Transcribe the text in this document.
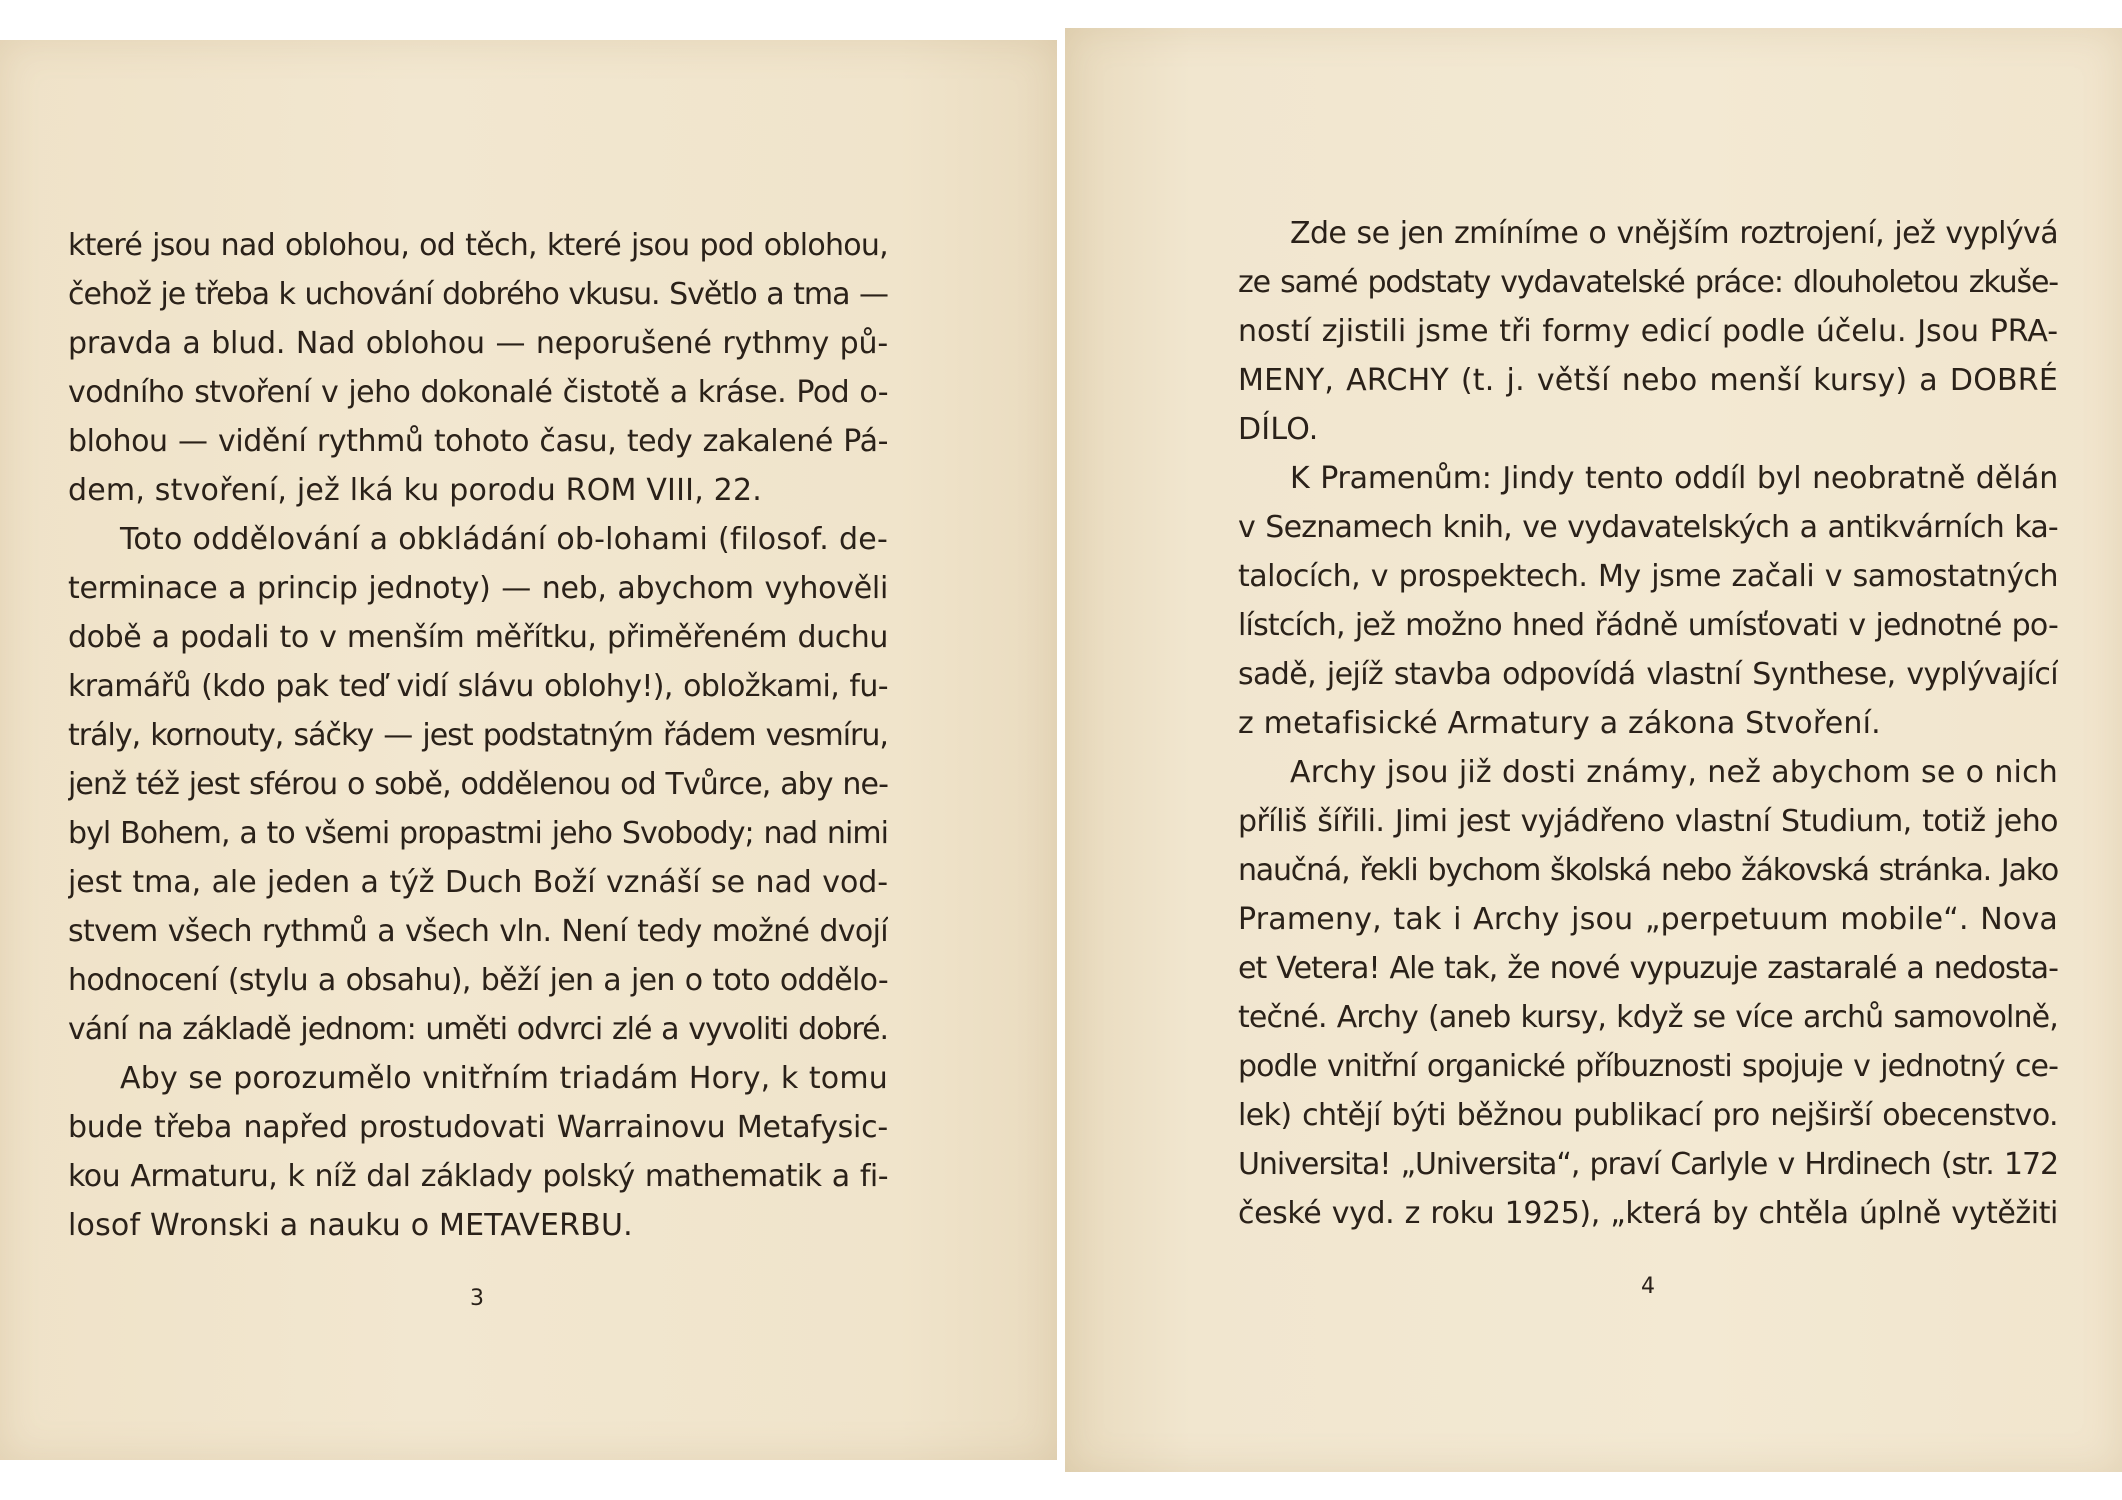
které jsou nad oblohou, od těch, které jsou pod oblohou,
čehož je třeba k uchování dobrého vkusu. Světlo a tma —
pravda a blud. Nad oblohou — neporušené rythmy pů-
vodního stvoření v jeho dokonalé čistotě a kráse. Pod o-
blohou — vidění rythmů tohoto času, tedy zakalené Pá-
dem, stvoření, jež lká ku porodu ROM VIII, 22.
Toto oddělování a obkládání ob-lohami (filosof. de-
terminace a princip jednoty) — neb, abychom vyhověli
době a podali to v menším měřítku, přiměřeném duchu
kramářů (kdo pak teď vidí slávu oblohy!), obložkami, fu-
trály, kornouty, sáčky — jest podstatným řádem vesmíru,
jenž též jest sférou o sobě, oddělenou od Tvůrce, aby ne-
byl Bohem, a to všemi propastmi jeho Svobody; nad nimi
jest tma, ale jeden a týž Duch Boží vznáší se nad vod-
stvem všech rythmů a všech vln. Není tedy možné dvojí
hodnocení (stylu a obsahu), běží jen a jen o toto oddělo-
vání na základě jednom: uměti odvrci zlé a vyvoliti dobré.
Aby se porozumělo vnitřním triadám Hory, k tomu
bude třeba napřed prostudovati Warrainovu Metafysic-
kou Armaturu, k níž dal základy polský mathematik a fi-
losof Wronski a nauku o METAVERBU.
3
Zde se jen zmíníme o vnějším roztrojení, jež vyplývá
ze samé podstaty vydavatelské práce: dlouholetou zkuše-
ností zjistili jsme tři formy edicí podle účelu. Jsou PRA-
MENY, ARCHY (t. j. větší nebo menší kursy) a DOBRÉ
DÍLO.
K Pramenům: Jindy tento oddíl byl neobratně dělán
v Seznamech knih, ve vydavatelských a antikvárních ka-
talocích, v prospektech. My jsme začali v samostatných
lístcích, jež možno hned řádně umísťovati v jednotné po-
sadě, jejíž stavba odpovídá vlastní Synthese, vyplývající
z metafisické Armatury a zákona Stvoření.
Archy jsou již dosti známy, než abychom se o nich
příliš šířili. Jimi jest vyjádřeno vlastní Studium, totiž jeho
naučná, řekli bychom školská nebo žákovská stránka. Jako
Prameny, tak i Archy jsou „perpetuum mobile“. Nova
et Vetera! Ale tak, že nové vypuzuje zastaralé a nedosta-
tečné. Archy (aneb kursy, když se více archů samovolně,
podle vnitřní organické příbuznosti spojuje v jednotný ce-
lek) chtějí býti běžnou publikací pro nejširší obecenstvo.
Universita! „Universita“, praví Carlyle v Hrdinech (str. 172
české vyd. z roku 1925), „která by chtěla úplně vytěžiti
4
